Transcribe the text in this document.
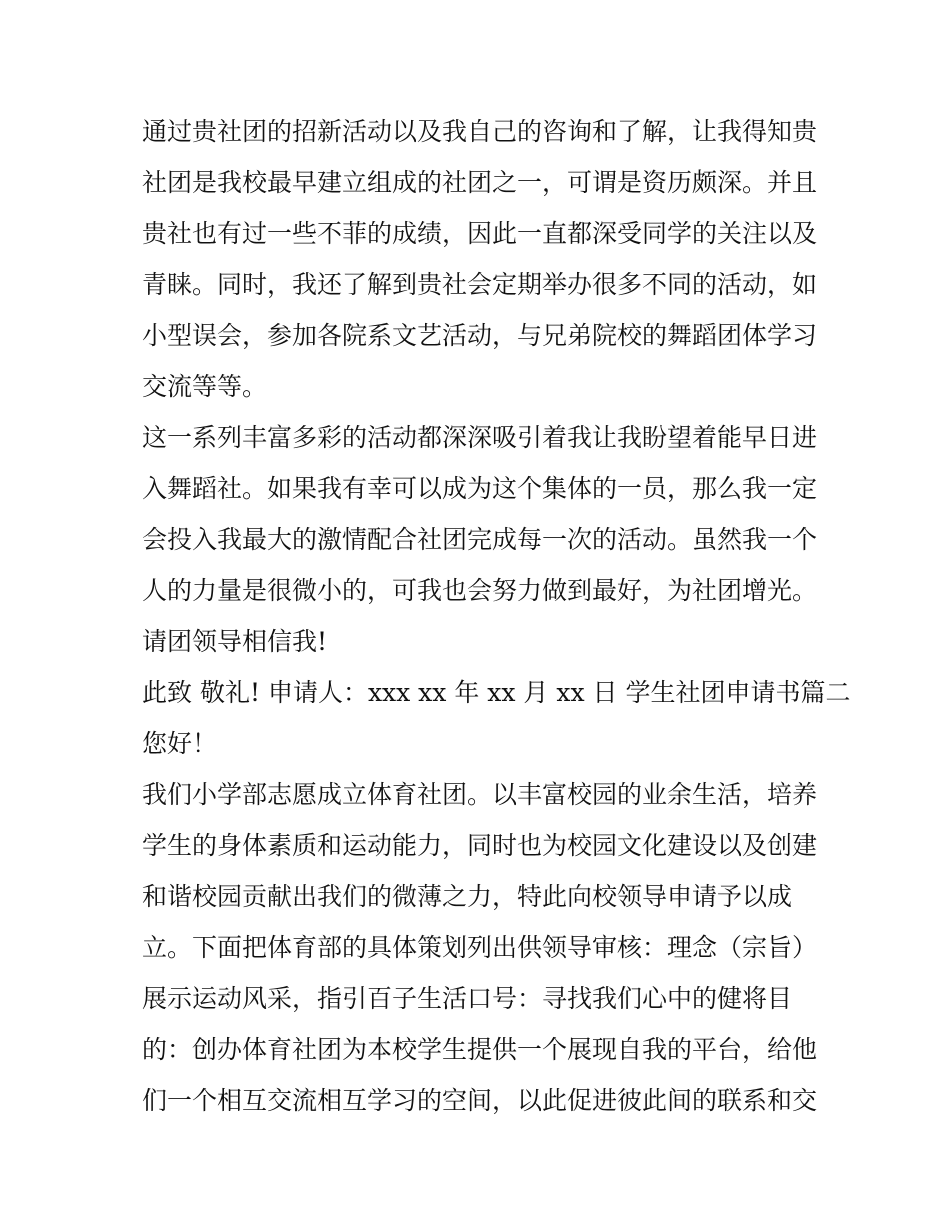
通过贵社团的招新活动以及我自己的咨询和了解，让我得知贵
社团是我校最早建立组成的社团之一，可谓是资历颇深。并且
贵社也有过一些不菲的成绩，因此一直都深受同学的关注以及
青睐。同时，我还了解到贵社会定期举办很多不同的活动，如
小型误会，参加各院系文艺活动，与兄弟院校的舞蹈团体学习
交流等等。
这一系列丰富多彩的活动都深深吸引着我让我盼望着能早日进
入舞蹈社。如果我有幸可以成为这个集体的一员，那么我一定
会投入我最大的激情配合社团完成每一次的活动。虽然我一个
人的力量是很微小的，可我也会努力做到最好，为社团增光。
请团领导相信我!
此致 敬礼! 申请人：xxx xx 年 xx 月 xx 日 学生社团申请书篇二
您好！
我们小学部志愿成立体育社团。以丰富校园的业余生活，培养
学生的身体素质和运动能力，同时也为校园文化建设以及创建
和谐校园贡献出我们的微薄之力，特此向校领导申请予以成
立。下面把体育部的具体策划列出供领导审核：理念（宗旨）
展示运动风采，指引百子生活口号：寻找我们心中的健将目
的：创办体育社团为本校学生提供一个展现自我的平台，给他
们一个相互交流相互学习的空间，以此促进彼此间的联系和交
